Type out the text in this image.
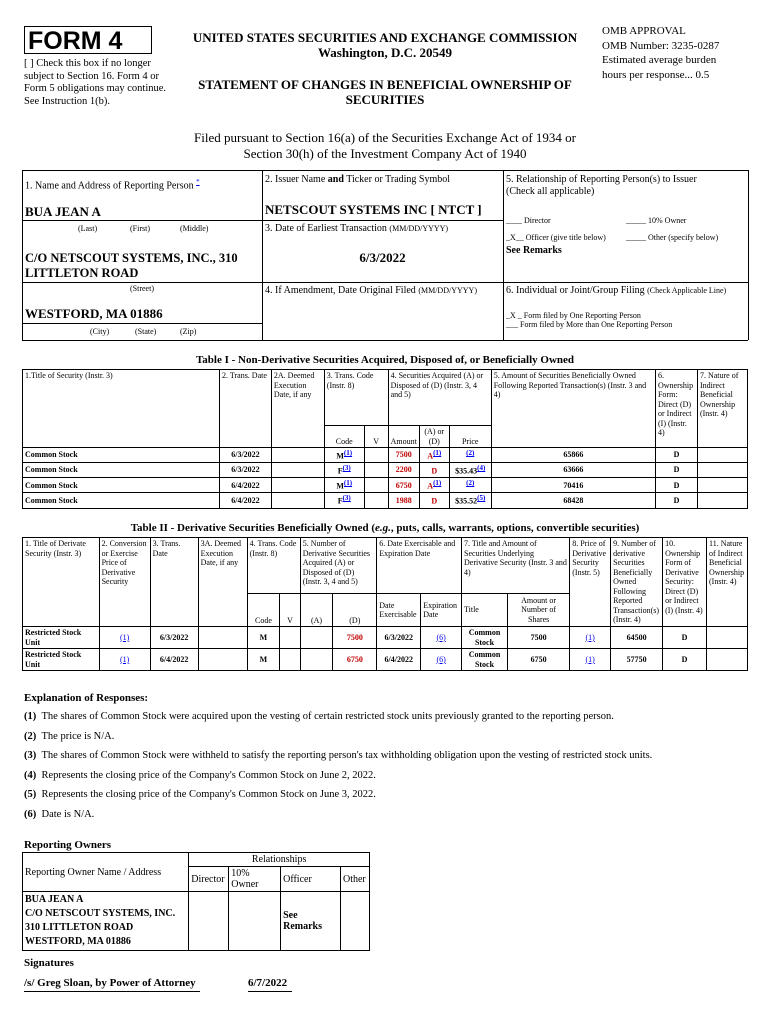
FORM 4
[ ] Check this box if no longer subject to Section 16. Form 4 or Form 5 obligations may continue. See Instruction 1(b).
UNITED STATES SECURITIES AND EXCHANGE COMMISSION
Washington, D.C. 20549
STATEMENT OF CHANGES IN BENEFICIAL OWNERSHIP OF
SECURITIES
OMB APPROVAL
OMB Number: 3235-0287
Estimated average burden
hours per response... 0.5
Filed pursuant to Section 16(a) of the Securities Exchange Act of 1934 or
Section 30(h) of the Investment Company Act of 1940
1. Name and Address of Reporting Person *
BUA JEAN A
(Last)	(First)	(Middle)
C/O NETSCOUT SYSTEMS, INC., 310 LITTLETON ROAD
(Street)
WESTFORD, MA 01886
(City)	(State)	(Zip)
2. Issuer Name and Ticker or Trading Symbol
NETSCOUT SYSTEMS INC [ NTCT ]
3. Date of Earliest Transaction (MM/DD/YYYY)
6/3/2022
4. If Amendment, Date Original Filed (MM/DD/YYYY)
5. Relationship of Reporting Person(s) to Issuer
(Check all applicable)
____ Director	_____ 10% Owner
_X__ Officer (give title below)	_____ Other (specify below)
See Remarks
6. Individual or Joint/Group Filing (Check Applicable Line)
_X _ Form filed by One Reporting Person
___ Form filed by More than One Reporting Person
Table I - Non-Derivative Securities Acquired, Disposed of, or Beneficially Owned
1.Title of Security (Instr. 3)	2. Trans. Date	2A. Deemed Execution Date, if any	3. Trans. Code (Instr. 8)		4. Securities Acquired (A) or Disposed of (D) (Instr. 3, 4 and 5)			5. Amount of Securities Beneficially Owned Following Reported Transaction(s) (Instr. 3 and 4)	6. Ownership Form: Direct (D) or Indirect (I) (Instr. 4)	7. Nature of Indirect Beneficial Ownership (Instr. 4)
			Code	V	Amount	(A) or (D)	Price			
Common Stock	6/3/2022		$M^{(1)}$		7500	$A^{(1)}$	$^{(2)}$	65866	D	
Common Stock	6/3/2022		$F^{(3)}$		2200	D	$35.43$^{(4)}$	63666	D	
Common Stock	6/4/2022		$M^{(1)}$		6750	$A^{(1)}$	$^{(2)}$	70416	D	
Common Stock	6/4/2022		$F^{(3)}$		1988	D	$35.52$^{(5)}$	68428	D	
Table II - Derivative Securities Beneficially Owned (e.g., puts, calls, warrants, options, convertible securities)
1. Title of Derivate Security (Instr. 3)	2. Conversion or Exercise Price of Derivative Security	3. Trans. Date	3A. Deemed Execution Date, if any	4. Trans. Code (Instr. 8)		5. Number of Derivative Securities Acquired (A) or Disposed of (D) (Instr. 3, 4 and 5)		6. Date Exercisable and Expiration Date		7. Title and Amount of Securities Underlying Derivative Security (Instr. 3 and 4)		8. Price of Derivative Security (Instr. 5)	9. Number of derivative Securities Beneficially Owned Following Reported Transaction(s) (Instr. 4)	10. Ownership Form of Derivative Security: Direct (D) or Indirect (I) (Instr. 4)	11. Nature of Indirect Beneficial Ownership (Instr. 4)
				Code	V	(A)	(D)	Date Exercisable	Expiration Date	Title	Amount or Number of Shares				
Restricted Stock Unit	(1)	6/3/2022		M			7500	6/3/2022	(6)	Common Stock	7500	(1)	64500	D	
Restricted Stock Unit	(1)	6/4/2022		M			6750	6/4/2022	(6)	Common Stock	6750	(1)	57750	D	
Explanation of Responses:
(1) The shares of Common Stock were acquired upon the vesting of certain restricted stock units previously granted to the reporting person.
(2) The price is N/A.
(3) The shares of Common Stock were withheld to satisfy the reporting person's tax withholding obligation upon the vesting of restricted stock units.
(4) Represents the closing price of the Company's Common Stock on June 2, 2022.
(5) Represents the closing price of the Company's Common Stock on June 3, 2022.
(6) Date is N/A.
Reporting Owners
Reporting Owner Name / Address	Relationships			
	Director	10% Owner	Officer	Other

BUA JEAN A
C/O NETSCOUT SYSTEMS, INC.
310 LITTLETON ROAD
WESTFORD, MA 01886			See Remarks	
Signatures
/s/ Greg Sloan, by Power of Attorney	6/7/2022
